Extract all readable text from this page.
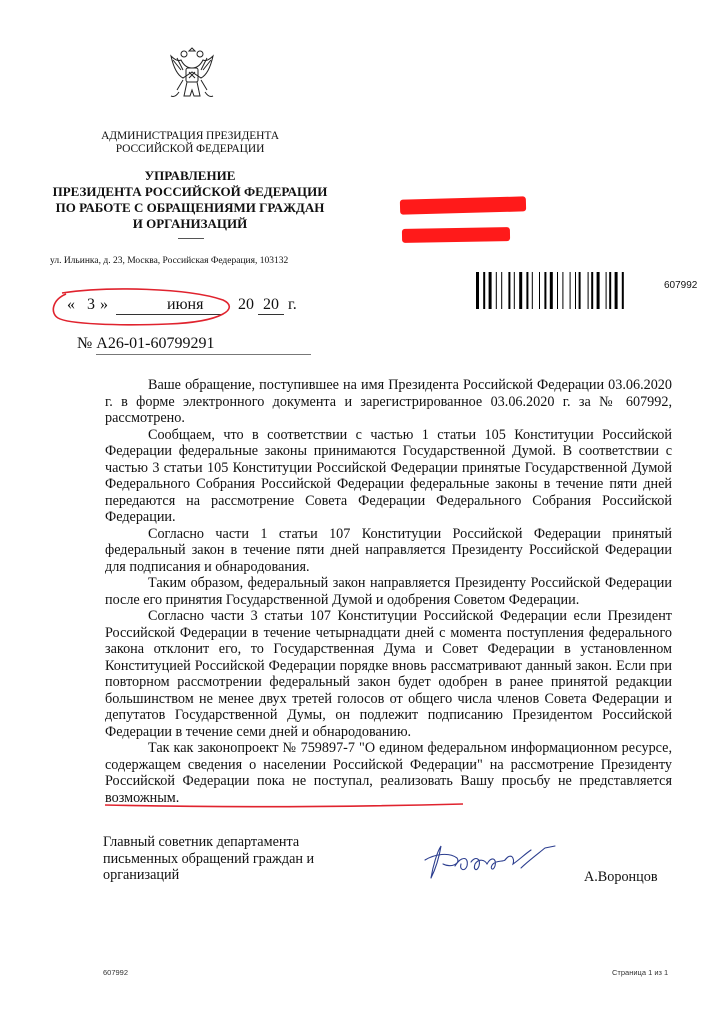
АДМИНИСТРАЦИЯ ПРЕЗИДЕНТА
РОССИЙСКОЙ ФЕДЕРАЦИИ
УПРАВЛЕНИЕ
ПРЕЗИДЕНТА РОССИЙСКОЙ ФЕДЕРАЦИИ
ПО РАБОТЕ С ОБРАЩЕНИЯМИ ГРАЖДАН
И ОРГАНИЗАЦИЙ
ул. Ильинка, д. 23, Москва, Российская Федерация, 103132
« 3 »	июня 20 20 г.
№ А26-01-60799291
607992

Ваше обращение, поступившее на имя Президента Российской Федерации 03.06.2020 г. в форме электронного документа и зарегистрированное 03.06.2020 г. за № 607992, рассмотрено.

Сообщаем, что в соответствии с частью 1 статьи 105 Конституции Российской Федерации федеральные законы принимаются Государственной Думой. В соответствии с частью 3 статьи 105 Конституции Российской Федерации принятые Государственной Думой Федерального Собрания Российской Федерации федеральные законы в течение пяти дней передаются на рассмотрение Совета Федерации Федерального Собрания Российской Федерации.

Согласно части 1 статьи 107 Конституции Российской Федерации принятый федеральный закон в течение пяти дней направляется Президенту Российской Федерации для подписания и обнародования.

Таким образом, федеральный закон направляется Президенту Российской Федерации после его принятия Государственной Думой и одобрения Советом Федерации.

Согласно части 3 статьи 107 Конституции Российской Федерации если Президент Российской Федерации в течение четырнадцати дней с момента поступления федерального закона отклонит его, то Государственная Дума и Совет Федерации в установленном Конституцией Российской Федерации порядке вновь рассматривают данный закон. Если при повторном рассмотрении федеральный закон будет одобрен в ранее принятой редакции большинством не менее двух третей голосов от общего числа членов Совета Федерации и депутатов Государственной Думы, он подлежит подписанию Президентом Российской Федерации в течение семи дней и обнародованию.

Так как законопроект № 759897-7 "О едином федеральном информационном ресурсе, содержащем сведения о населении Российской Федерации" на рассмотрение Президенту Российской Федерации пока не поступал, реализовать Вашу просьбу не представляется возможным.

Главный советник департамента
письменных обращений граждан и
организаций	А.Воронцов
607992	Страница 1 из 1
